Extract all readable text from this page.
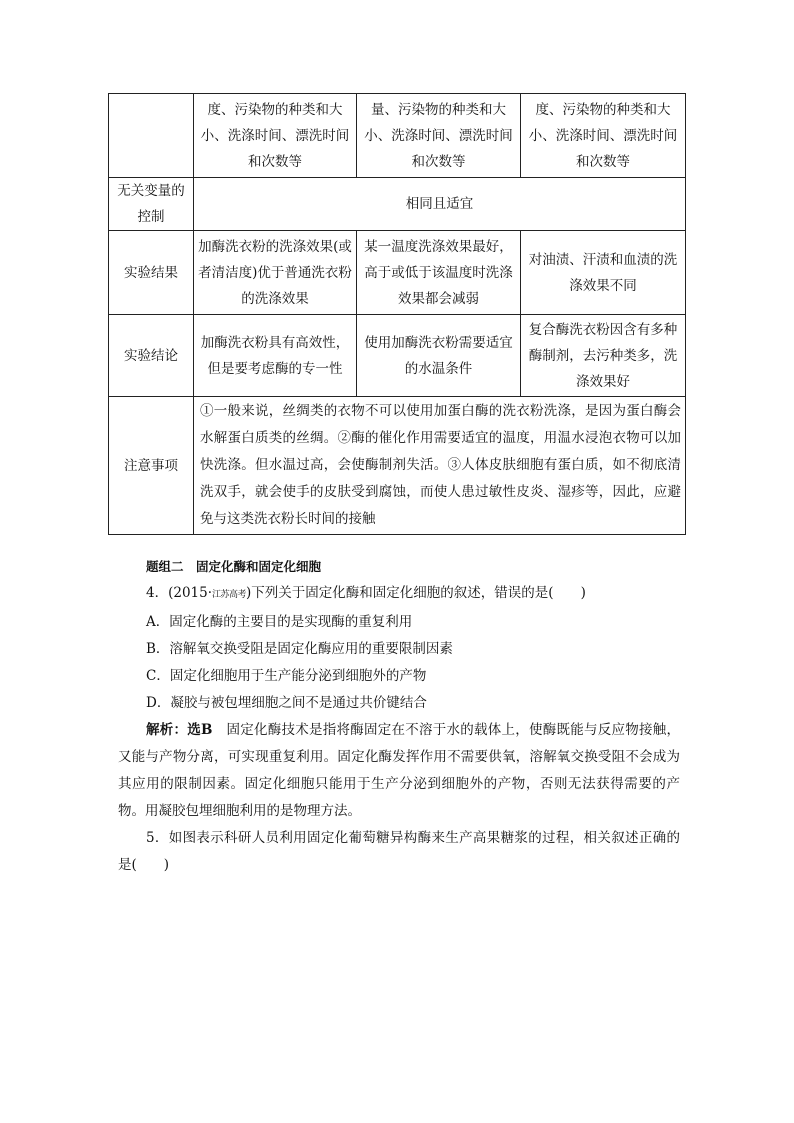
	度、污染物的种类和大小、洗涤时间、漂洗时间和次数等	量、污染物的种类和大小、洗涤时间、漂洗时间和次数等	度、污染物的种类和大小、洗涤时间、漂洗时间和次数等
无关变量的控制	相同且适宜		
实验结果	加酶洗衣粉的洗涤效果(或者清洁度)优于普通洗衣粉的洗涤效果	某一温度洗涤效果最好，高于或低于该温度时洗涤效果都会减弱	对油渍、汗渍和血渍的洗涤效果不同
实验结论	加酶洗衣粉具有高效性，但是要考虑酶的专一性	使用加酶洗衣粉需要适宜的水温条件	复合酶洗衣粉因含有多种酶制剂，去污种类多，洗涤效果好
注意事项	①一般来说，丝绸类的衣物不可以使用加蛋白酶的洗衣粉洗涤，是因为蛋白酶会水解蛋白质类的丝绸。②酶的催化作用需要适宜的温度，用温水浸泡衣物可以加快洗涤。但水温过高，会使酶制剂失活。③人体皮肤细胞有蛋白质，如不彻底清洗双手，就会使手的皮肤受到腐蚀，而使人患过敏性皮炎、湿疹等，因此，应避免与这类洗衣粉长时间的接触		

题组二　固定化酶和固定化细胞

4．(2015·江苏高考)下列关于固定化酶和固定化细胞的叙述，错误的是(　　)

A．固定化酶的主要目的是实现酶的重复利用

B．溶解氧交换受阻是固定化酶应用的重要限制因素

C．固定化细胞用于生产能分泌到细胞外的产物

D．凝胶与被包埋细胞之间不是通过共价键结合

解析：选B　固定化酶技术是指将酶固定在不溶于水的载体上，使酶既能与反应物接触，又能与产物分离，可实现重复利用。固定化酶发挥作用不需要供氧，溶解氧交换受阻不会成为其应用的限制因素。固定化细胞只能用于生产分泌到细胞外的产物，否则无法获得需要的产物。用凝胶包埋细胞利用的是物理方法。

5．如图表示科研人员利用固定化葡萄糖异构酶来生产高果糖浆的过程，相关叙述正确的是(　　)
